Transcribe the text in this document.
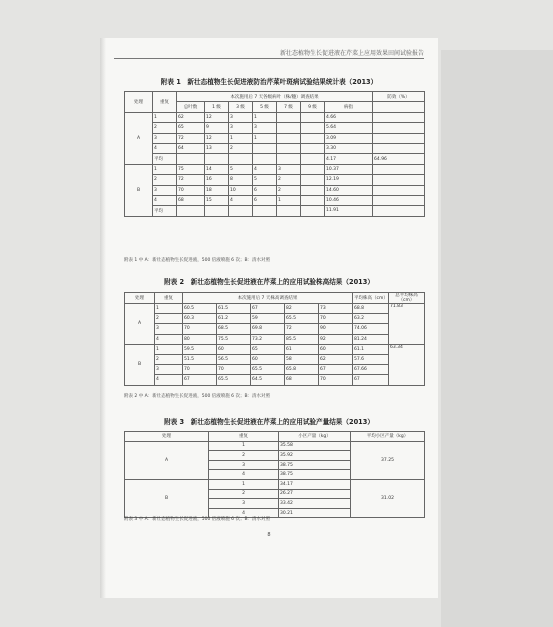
新壮态植物生长促进液在芹菜上应用效果田间试验报告
附表 1　新壮态植物生长促进液防治芹菜叶斑病试验结果统计表（2013）
处理	重复	本次施用后 7 天各级病叶（株/穗）调查结果							防效（%）
		总叶数	1 级	3 级	5 级	7 级	9 级	病指	
A	1	62	12	3	1			4.66	
	2	65	9	3	3			5.64	
	3	72	12	1	1			3.09	
	4	64	13	2				3.30	
	平均							4.17	64.96
B	1	75	14	5	4	3		10.37	
	2	72	16	8	5	2		12.19	
	3	70	18	10	6	2		14.60	
	4	68	15	4	6	1		10.46	
	平均							11.91	
附表 1 中 A：新壮态植物生长促进液，500 倍液喷施 6 次；B：清水对照
附表 2　新壮态植物生长促进液在芹菜上的应用试验株高结果（2013）
处理	重复	本次施用后 7 天株高调查结果					平均株高（cm）	总平均株高（cm）
A	1	60.5	61.5	67	82	73	68.8	71.83
	2	60.3	61.2	59	65.5	70	63.2	
	3	70	68.5	69.8	72	90	74.06	
	4	80	75.5	73.2	85.5	92	81.24	
B	1	59.5	60	65	61	60	61.1	63.34
	2	51.5	56.5	60	58	62	57.6	
	3	70	70	65.5	65.8	67	67.66	
	4	67	65.5	64.5	68	70	67	
附表 2 中 A：新壮态植物生长促进液，500 倍液喷施 6 次；B：清水对照
附表 3　新壮态植物生长促进液在芹菜上的应用试验产量结果（2013）
处理	重复	小区产量（kg）	平均小区产量（kg）
A	1	35.58	37.25
	2	35.92	
	3	38.75	
	4	38.75	
B	1	34.17	31.02
	2	26.27	
	3	33.42	
	4	30.21	
附表 3 中 A：新壮态植物生长促进液，500 倍液喷施 6 次；B：清水对照
8
